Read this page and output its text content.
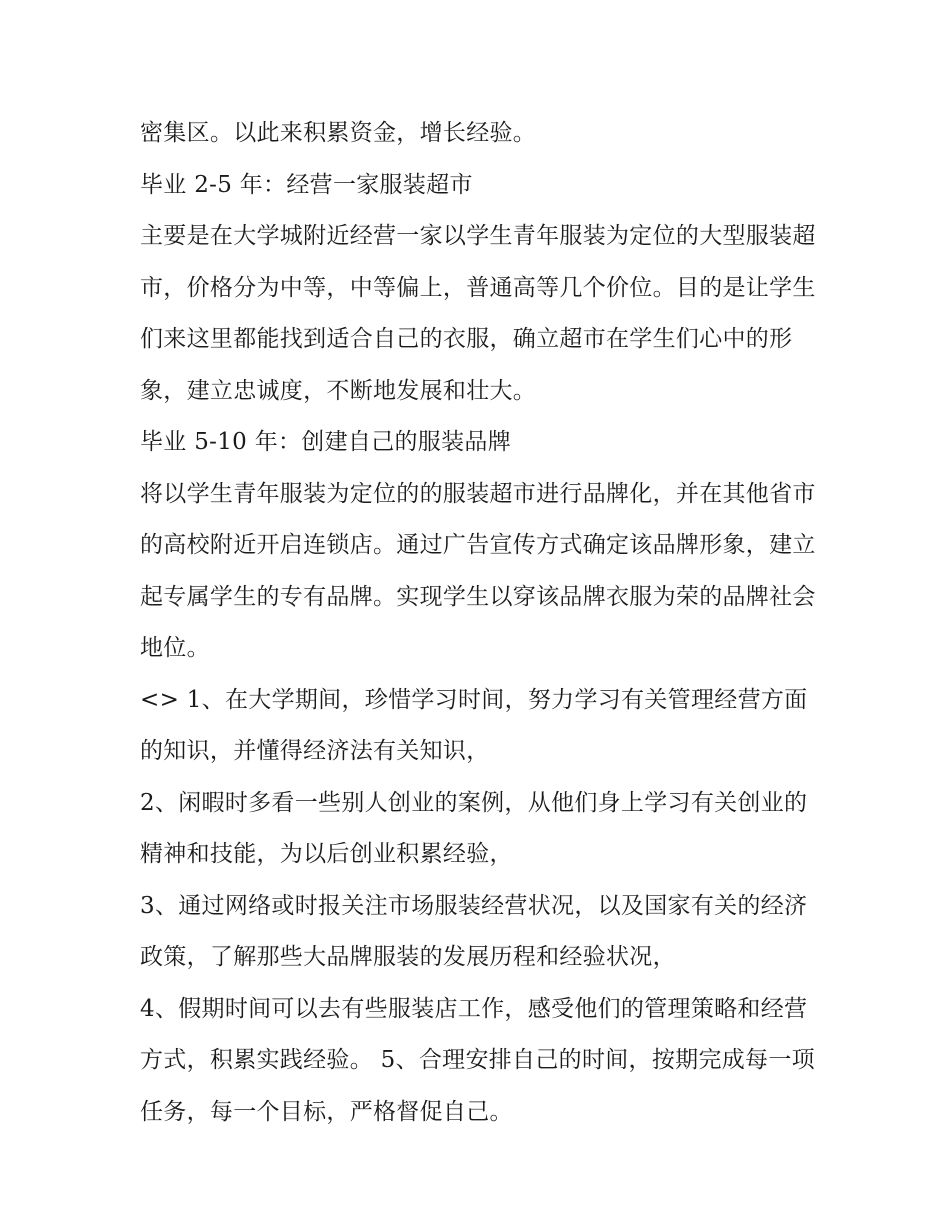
密集区。以此来积累资金，增长经验。

毕业 2-5 年：经营一家服装超市

主要是在大学城附近经营一家以学生青年服装为定位的大型服装超市，价格分为中等，中等偏上，普通高等几个价位。目的是让学生们来这里都能找到适合自己的衣服，确立超市在学生们心中的形象，建立忠诚度，不断地发展和壮大。

毕业 5-10 年：创建自己的服装品牌

将以学生青年服装为定位的的服装超市进行品牌化，并在其他省市的高校附近开启连锁店。通过广告宣传方式确定该品牌形象，建立起专属学生的专有品牌。实现学生以穿该品牌衣服为荣的品牌社会地位。

<> 1、在大学期间，珍惜学习时间，努力学习有关管理经营方面的知识，并懂得经济法有关知识，

2、闲暇时多看一些别人创业的案例，从他们身上学习有关创业的精神和技能，为以后创业积累经验，

3、通过网络或时报关注市场服装经营状况，以及国家有关的经济政策，了解那些大品牌服装的发展历程和经验状况，

4、假期时间可以去有些服装店工作，感受他们的管理策略和经营方式，积累实践经验。 5、合理安排自己的时间，按期完成每一项任务，每一个目标，严格督促自己。
